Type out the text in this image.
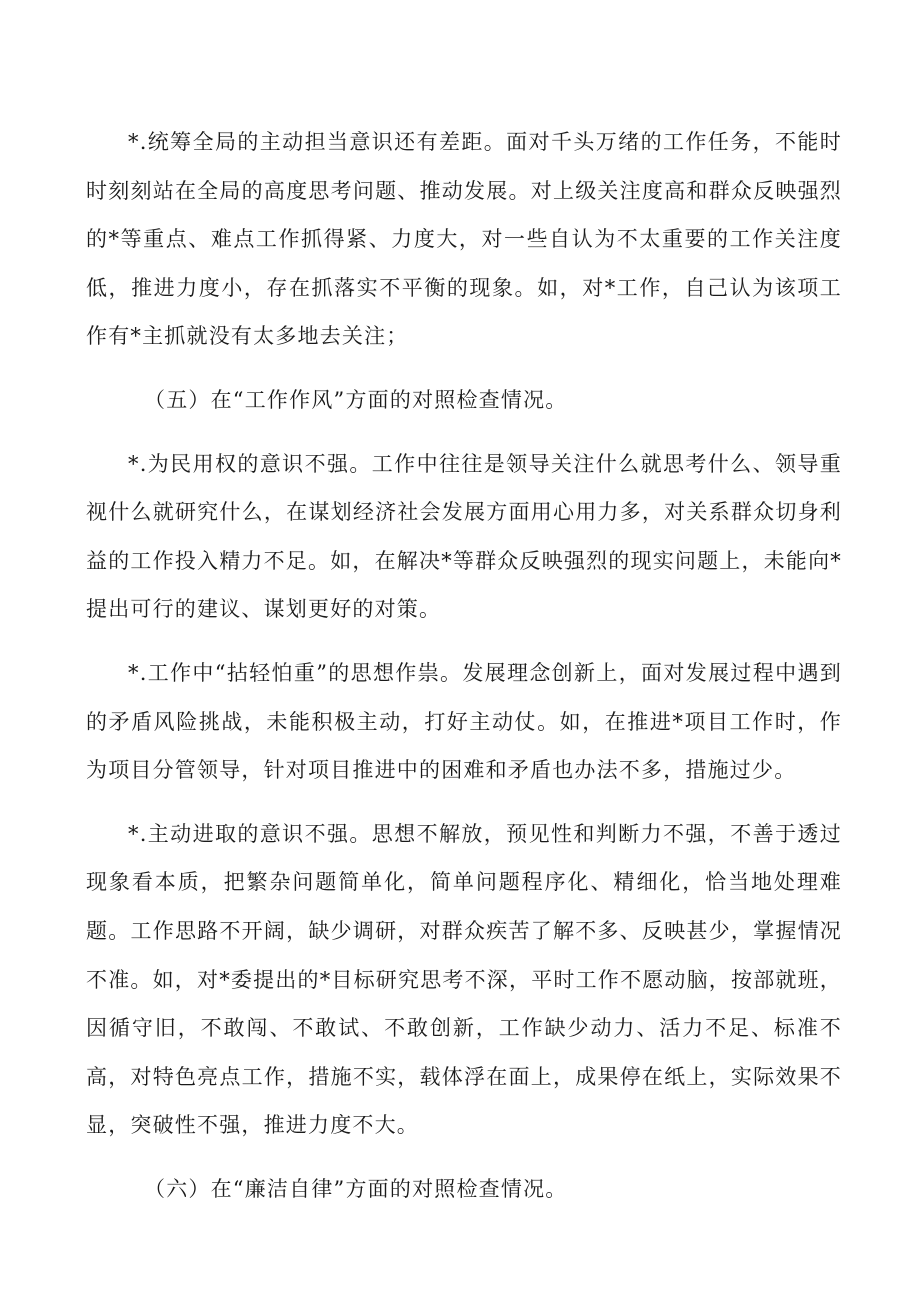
*.统筹全局的主动担当意识还有差距。面对千头万绪的工作任务，不能时时刻刻站在全局的高度思考问题、推动发展。对上级关注度高和群众反映强烈的*等重点、难点工作抓得紧、力度大，对一些自认为不太重要的工作关注度低，推进力度小，存在抓落实不平衡的现象。如，对*工作，自己认为该项工作有*主抓就没有太多地去关注；

（五）在“工作作风”方面的对照检查情况。

*.为民用权的意识不强。工作中往往是领导关注什么就思考什么、领导重视什么就研究什么，在谋划经济社会发展方面用心用力多，对关系群众切身利益的工作投入精力不足。如，在解决*等群众反映强烈的现实问题上，未能向*提出可行的建议、谋划更好的对策。

*.工作中“拈轻怕重”的思想作祟。发展理念创新上，面对发展过程中遇到的矛盾风险挑战，未能积极主动，打好主动仗。如，在推进*项目工作时，作为项目分管领导，针对项目推进中的困难和矛盾也办法不多，措施过少。

*.主动进取的意识不强。思想不解放，预见性和判断力不强，不善于透过现象看本质，把繁杂问题简单化，简单问题程序化、精细化，恰当地处理难题。工作思路不开阔，缺少调研，对群众疾苦了解不多、反映甚少，掌握情况不准。如，对*委提出的*目标研究思考不深，平时工作不愿动脑，按部就班，因循守旧，不敢闯、不敢试、不敢创新，工作缺少动力、活力不足、标准不高，对特色亮点工作，措施不实，载体浮在面上，成果停在纸上，实际效果不显，突破性不强，推进力度不大。

（六）在“廉洁自律”方面的对照检查情况。
